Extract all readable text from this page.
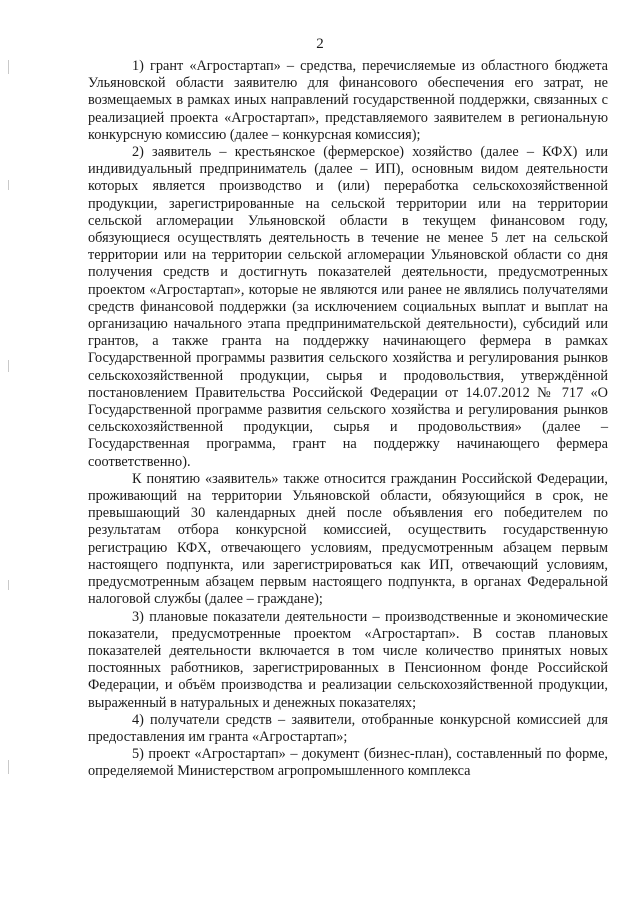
2

1) грант «Агростартап» – средства, перечисляемые из областного бюджета Ульяновской области заявителю для финансового обеспечения его затрат, не возмещаемых в рамках иных направлений государственной поддержки, связанных с реализацией проекта «Агростартап», представляемого заявителем в региональную конкурсную комиссию (далее – конкурсная комиссия);

2) заявитель – крестьянское (фермерское) хозяйство (далее – КФХ) или индивидуальный предприниматель (далее – ИП), основным видом деятельности которых является производство и (или) переработка сельскохозяйственной продукции, зарегистрированные на сельской территории или на территории сельской агломерации Ульяновской области в текущем финансовом году, обязующиеся осуществлять деятельность в течение не менее 5 лет на сельской территории или на территории сельской агломерации Ульяновской области со дня получения средств и достигнуть показателей деятельности, предусмотренных проектом «Агростартап», которые не являются или ранее не являлись получателями средств финансовой поддержки (за исключением социальных выплат и выплат на организацию начального этапа предпринимательской деятельности), субсидий или грантов, а также гранта на поддержку начинающего фермера в рамках Государственной программы развития сельского хозяйства и регулирования рынков сельскохозяйственной продукции, сырья и продовольствия, утверждённой постановлением Правительства Российской Федерации от 14.07.2012 № 717 «О Государственной программе развития сельского хозяйства и регулирования рынков сельскохозяйственной продукции, сырья и продовольствия» (далее – Государственная программа, грант на поддержку начинающего фермера соответственно).

К понятию «заявитель» также относится гражданин Российской Федерации, проживающий на территории Ульяновской области, обязующийся в срок, не превышающий 30 календарных дней после объявления его победителем по результатам отбора конкурсной комиссией, осуществить государственную регистрацию КФХ, отвечающего условиям, предусмотренным абзацем первым настоящего подпункта, или зарегистрироваться как ИП, отвечающий условиям, предусмотренным абзацем первым настоящего подпункта, в органах Федеральной налоговой службы (далее – граждане);

3) плановые показатели деятельности – производственные и экономические показатели, предусмотренные проектом «Агростартап». В состав плановых показателей деятельности включается в том числе количество принятых новых постоянных работников, зарегистрированных в Пенсионном фонде Российской Федерации, и объём производства и реализации сельскохозяйственной продукции, выраженный в натуральных и денежных показателях;

4) получатели средств – заявители, отобранные конкурсной комиссией для предоставления им гранта «Агростартап»;

5) проект «Агростартап» – документ (бизнес-план), составленный по форме, определяемой Министерством агропромышленного комплекса
